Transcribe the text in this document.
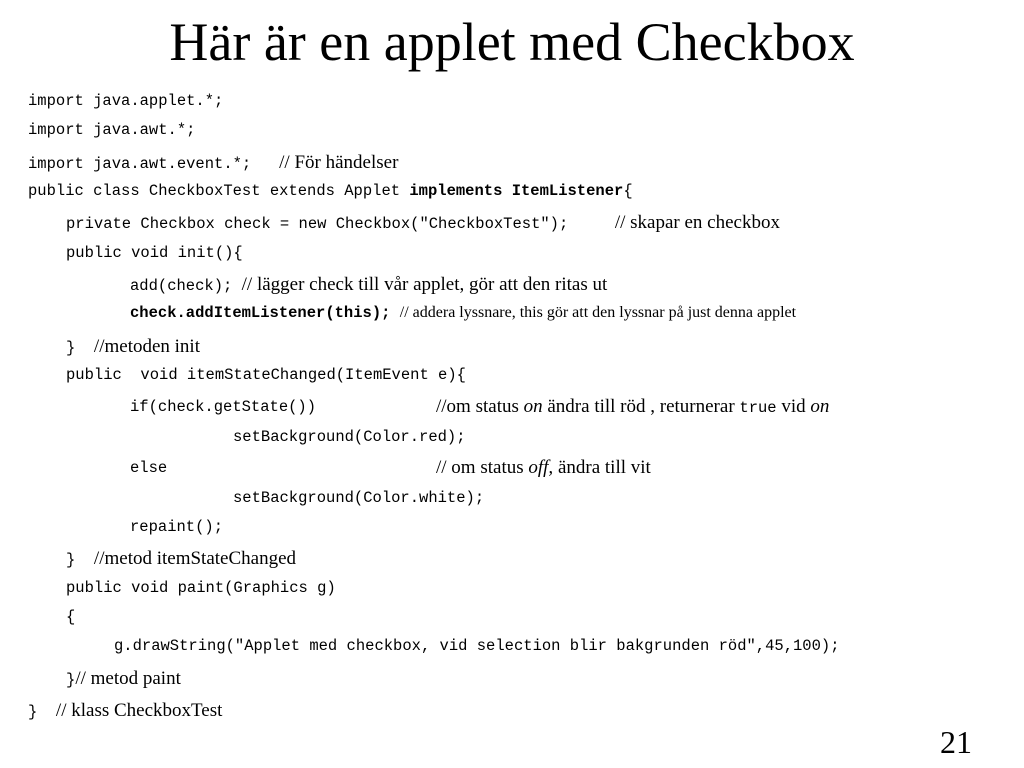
Här är en applet med Checkbox
import java.applet.*;
import java.awt.*;
import java.awt.event.*; // För händelser
public class CheckboxTest extends Applet implements ItemListener{
private Checkbox check = new Checkbox("CheckboxTest"); // skapar en checkbox
public void init(){
add(check); // lägger check till vår applet, gör att den ritas ut
check.addItemListener(this); // addera lyssnare, this gör att den lyssnar på just denna applet
} //metoden init
public  void itemStateChanged(ItemEvent e){
if(check.getState())	//om status on ändra till röd , returnerar true vid on
setBackground(Color.red);
else	// om status off, ändra till vit
setBackground(Color.white);
repaint();
} //metod itemStateChanged
public void paint(Graphics g)
{
g.drawString("Applet med checkbox, vid selection blir bakgrunden röd",45,100);
}// metod paint
} // klass CheckboxTest
21
